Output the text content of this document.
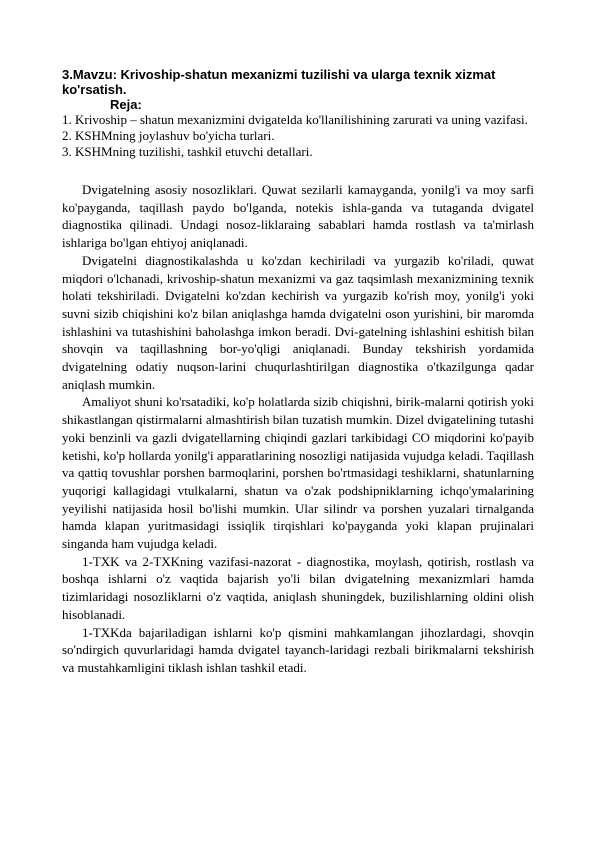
3.Mavzu: Krivoship-shatun mexanizmi tuzilishi va ularga texnik xizmat ko'rsatish.
Reja:
1. Krivoship – shatun mexanizmini dvigatelda ko'llanilishining zarurati va uning vazifasi.
2. KSHMning joylashuv bo'yicha turlari.
3. KSHMning tuzilishi, tashkil etuvchi detallari.

Dvigatelning asosiy nosozliklari. Quwat sezilarli kamayganda, yonilg'i va moy sarfi ko'payganda, taqillash paydo bo'lganda, notekis ishla-ganda va tutaganda dvigatel diagnostika qilinadi. Undagi nosoz-liklaraing sabablari hamda rostlash va ta'mirlash ishlariga bo'lgan ehtiyoj aniqlanadi.

Dvigatelni diagnostikalashda u ko'zdan kechiriladi va yurgazib ko'riladi, quwat miqdori o'lchanadi, krivoship-shatun mexanizmi va gaz taqsimlash mexanizmining texnik holati tekshiriladi. Dvigatelni ko'zdan kechirish va yurgazib ko'rish moy, yonilg'i yoki suvni sizib chiqishini ko'z bilan aniqlashga hamda dvigatelni oson yurishini, bir maromda ishlashini va tutashishini baholashga imkon beradi. Dvi-gatelning ishlashini eshitish bilan shovqin va taqillashning bor-yo'qligi aniqlanadi. Bunday tekshirish yordamida dvigatelning odatiy nuqson-larini chuqurlashtirilgan diagnostika o'tkazilgunga qadar aniqlash mumkin.

Amaliyot shuni ko'rsatadiki, ko'p holatlarda sizib chiqishni, birik-malarni qotirish yoki shikastlangan qistirmalarni almashtirish bilan tuzatish mumkin. Dizel dvigatelining tutashi yoki benzinli va gazli dvigatellarning chiqindi gazlari tarkibidagi CO miqdorini ko'payib ketishi, ko'p hollarda yonilg'i apparatlarining nosozligi natijasida vujudga keladi. Taqillash va qattiq tovushlar porshen barmoqlarini, porshen bo'rtmasidagi teshiklarni, shatunlarning yuqorigi kallagidagi vtulkalarni, shatun va o'zak podshipniklarning ichqo'ymalarining yeyilishi natijasida hosil bo'lishi mumkin. Ular silindr va porshen yuzalari tirnalganda hamda klapan yuritmasidagi issiqlik tirqishlari ko'payganda yoki klapan prujinalari singanda ham vujudga keladi.

1-TXK va 2-TXKning vazifasi-nazorat - diagnostika, moylash, qotirish, rostlash va boshqa ishlarni o'z vaqtida bajarish yo'li bilan dvigatelning mexanizmlari hamda tizimlaridagi nosozliklarni o'z vaqtida, aniqlash shuningdek, buzilishlarning oldini olish hisoblanadi.

1-TXKda bajariladigan ishlarni ko'p qismini mahkamlangan jihozlardagi, shovqin so'ndirgich quvurlaridagi hamda dvigatel tayanch-laridagi rezbali birikmalarni tekshirish va mustahkamligini tiklash ishlan tashkil etadi.
